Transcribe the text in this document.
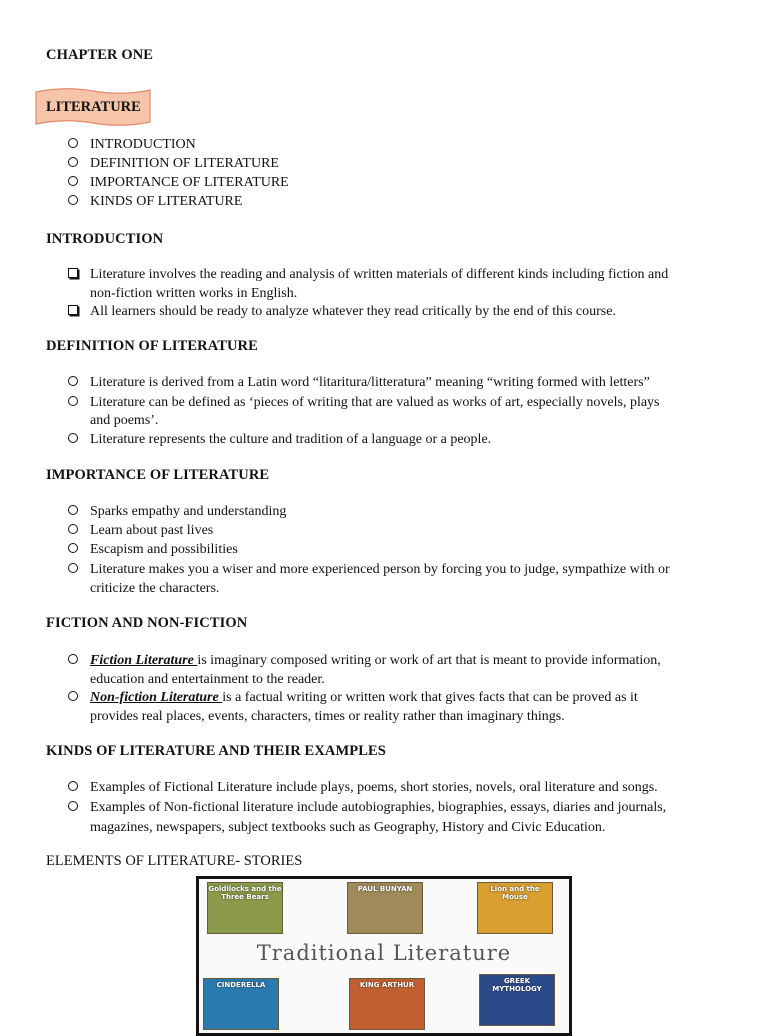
CHAPTER ONE
LITERATURE
INTRODUCTION
DEFINITION OF LITERATURE
IMPORTANCE OF LITERATURE
KINDS OF LITERATURE
INTRODUCTION
Literature involves the reading and analysis of written materials of different kinds including fiction and
non-fiction written works in English.
All learners should be ready to analyze whatever they read critically by the end of this course.
DEFINITION OF LITERATURE
Literature is derived from a Latin word “litaritura/litteratura” meaning “writing formed with letters”
Literature can be defined as ‘pieces of writing that are valued as works of art, especially novels, plays
and poems’.
Literature represents the culture and tradition of a language or a people.
IMPORTANCE OF LITERATURE
Sparks empathy and understanding
Learn about past lives
Escapism and possibilities
Literature makes you a wiser and more experienced person by forcing you to judge, sympathize with or
criticize the characters.
FICTION AND NON-FICTION
Fiction Literature is imaginary composed writing or work of art that is meant to provide information,
education and entertainment to the reader.
Non-fiction Literature is a factual writing or written work that gives facts that can be proved as it
provides real places, events, characters, times or reality rather than imaginary things.
KINDS OF LITERATURE AND THEIR EXAMPLES
Examples of Fictional Literature include plays, poems, short stories, novels, oral literature and songs.
Examples of Non-fictional literature include autobiographies, biographies, essays, diaries and journals,
magazines, newspapers, subject textbooks such as Geography, History and Civic Education.
ELEMENTS OF LITERATURE- STORIES
Goldilocks and the Three Bears
PAUL BUNYAN	Lion and the Mouse
Traditional Literature
CINDERELLA	KING ARTHUR	GREEK MYTHOLOGY
